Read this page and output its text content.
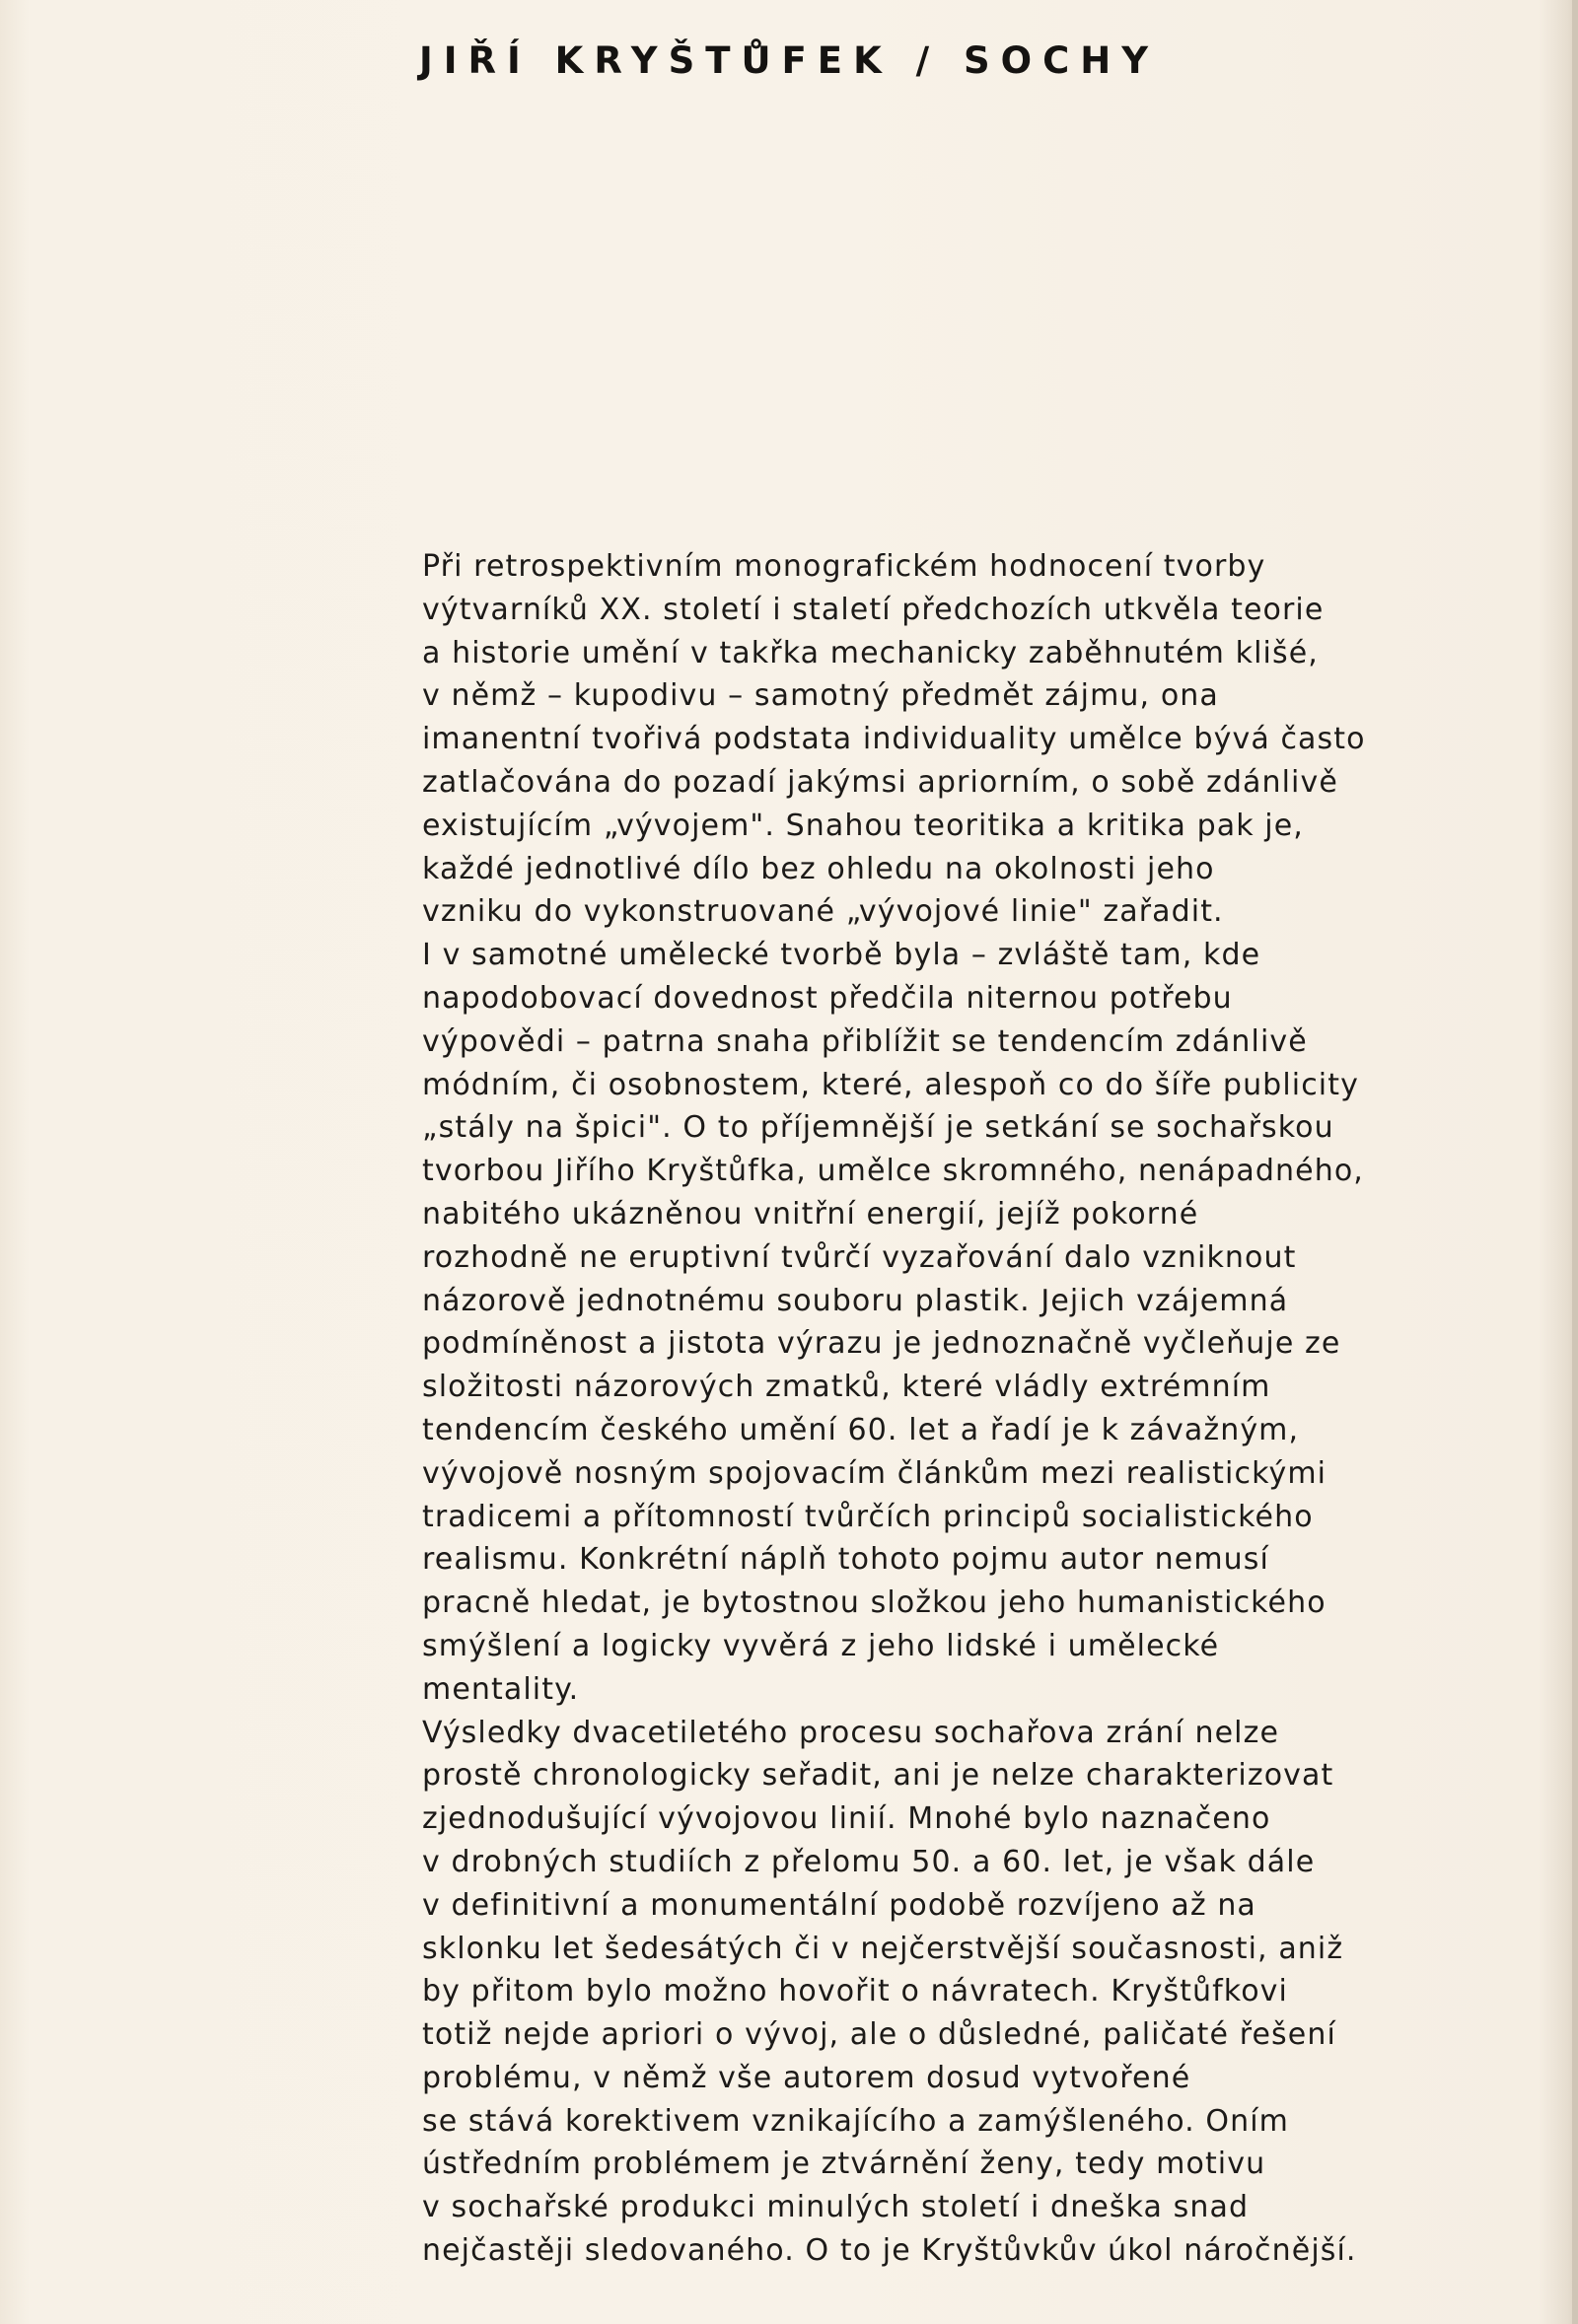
JIŘÍ KRYŠTŮFEK / SOCHY
Při retrospektivním monografickém hodnocení tvorby
výtvarníků XX. století i staletí předchozích utkvěla teorie
a historie umění v takřka mechanicky zaběhnutém klišé,
v němž – kupodivu – samotný předmět zájmu, ona
imanentní tvořivá podstata individuality umělce bývá často
zatlačována do pozadí jakýmsi apriorním, o sobě zdánlivě
existujícím „vývojem". Snahou teoritika a kritika pak je,
každé jednotlivé dílo bez ohledu na okolnosti jeho
vzniku do vykonstruované „vývojové linie" zařadit.
I v samotné umělecké tvorbě byla – zvláště tam, kde
napodobovací dovednost předčila niternou potřebu
výpovědi – patrna snaha přiblížit se tendencím zdánlivě
módním, či osobnostem, které, alespoň co do šíře publicity
„stály na špici". O to příjemnější je setkání se sochařskou
tvorbou Jiřího Kryštůfka, umělce skromného, nenápadného,
nabitého ukázněnou vnitřní energií, jejíž pokorné
rozhodně ne eruptivní tvůrčí vyzařování dalo vzniknout
názorově jednotnému souboru plastik. Jejich vzájemná
podmíněnost a jistota výrazu je jednoznačně vyčleňuje ze
složitosti názorových zmatků, které vládly extrémním
tendencím českého umění 60. let a řadí je k závažným,
vývojově nosným spojovacím článkům mezi realistickými
tradicemi a přítomností tvůrčích principů socialistického
realismu. Konkrétní náplň tohoto pojmu autor nemusí
pracně hledat, je bytostnou složkou jeho humanistického
smýšlení a logicky vyvěrá z jeho lidské i umělecké
mentality.
Výsledky dvacetiletého procesu sochařova zrání nelze
prostě chronologicky seřadit, ani je nelze charakterizovat
zjednodušující vývojovou linií. Mnohé bylo naznačeno
v drobných studiích z přelomu 50. a 60. let, je však dále
v definitivní a monumentální podobě rozvíjeno až na
sklonku let šedesátých či v nejčerstvější současnosti, aniž
by přitom bylo možno hovořit o návratech. Kryštůfkovi
totiž nejde apriori o vývoj, ale o důsledné, paličaté řešení
problému, v němž vše autorem dosud vytvořené
se stává korektivem vznikajícího a zamýšleného. Oním
ústředním problémem je ztvárnění ženy, tedy motivu
v sochařské produkci minulých století i dneška snad
nejčastěji sledovaného. O to je Kryštůvkův úkol náročnější.
